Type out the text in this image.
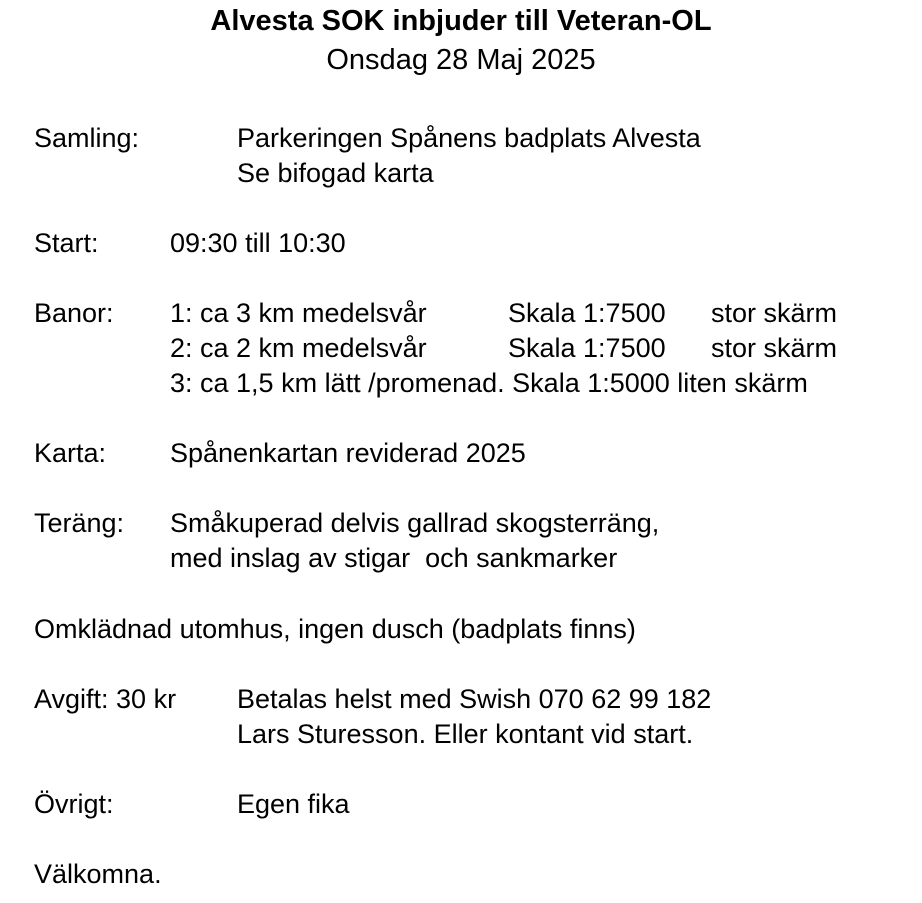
Alvesta SOK inbjuder till Veteran-OL
Onsdag 28 Maj 2025
Samling:	Parkeringen Spånens badplats Alvesta
Se bifogad karta
Start:	09:30 till 10:30
Banor: 1: ca 3 km medelsvår	Skala 1:7500 stor skärm
2: ca 2 km medelsvår	Skala 1:7500 stor skärm
3: ca 1,5 km lätt /promenad. Skala 1:5000 liten skärm
Karta: Spånenkartan reviderad 2025
Teräng: Småkuperad delvis gallrad skogsterräng,
med inslag av stigar  och sankmarker
Omklädnad utomhus, ingen dusch (badplats finns)
Avgift: 30 kr Betalas helst med Swish 070 62 99 182
Lars Sturesson. Eller kontant vid start.
Övrigt:	Egen fika
Välkomna.
